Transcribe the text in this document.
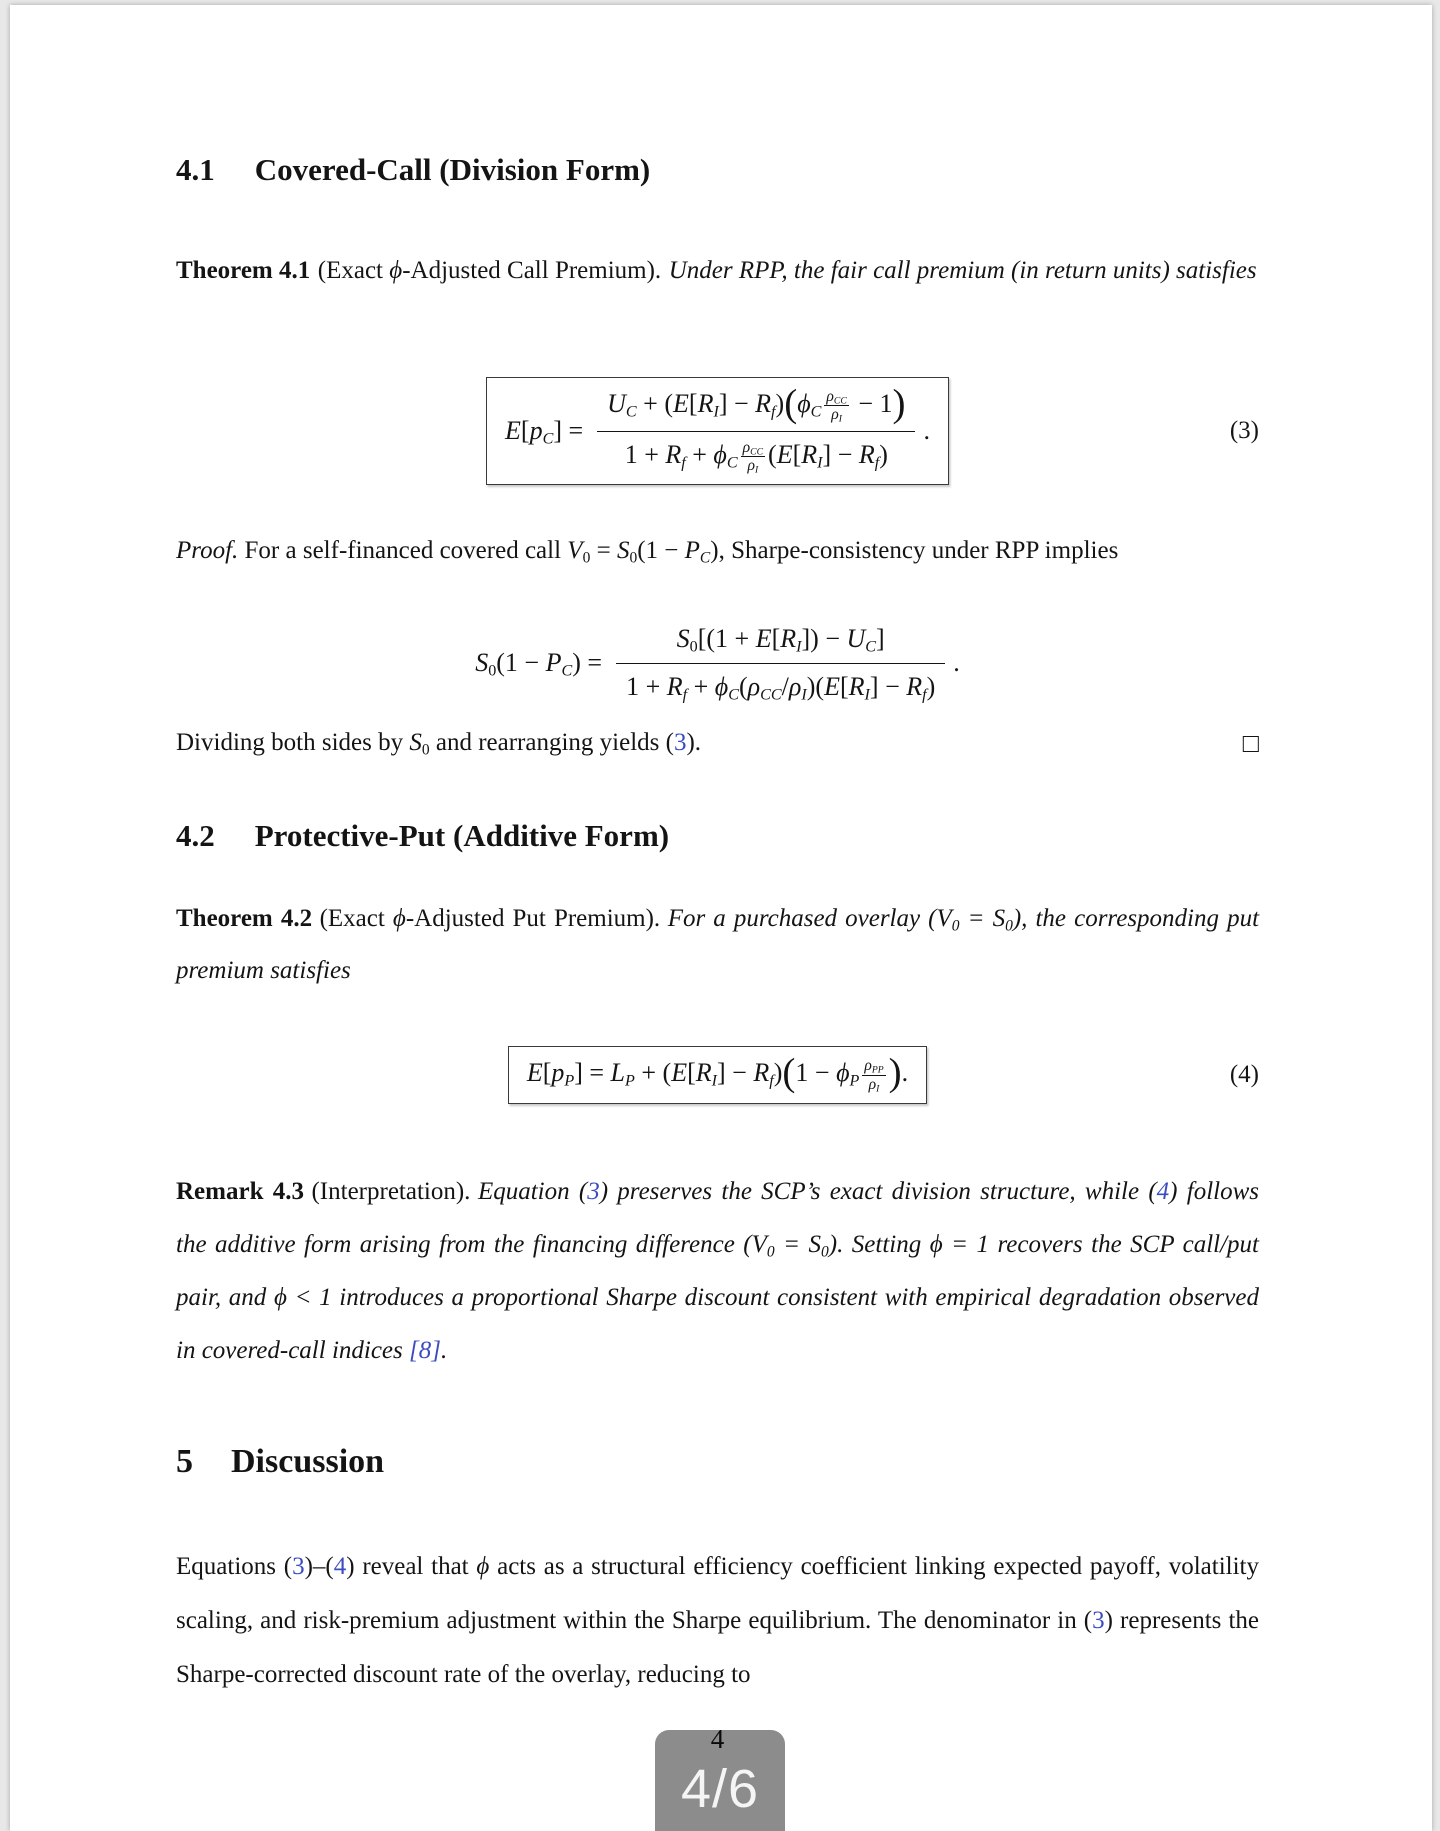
4.1 Covered-Call (Division Form)
Theorem 4.1 (Exact ϕ-Adjusted Call Premium). Under RPP, the fair call premium (in return units) satisfies
$E[p_C] = U_C + (E[R_I] - R_f)(\phi_C$
$\rho_{CC}$
$\rho_I$
− 1)
$1 + R_f + \phi_C$
$\rho_{CC}$
$\rho_I$
$(E[R_I] - R_f)$ .	(3)
Proof. For a self-financed covered call $V_0 = S_0(1 - P_C)$, Sharpe-consistency under RPP implies
$S_0(1 - P_C) = \frac{S_0[(1 + E[R_I]) - U_C]}{1 + R_f + \phi_C(\rho_{CC}/\rho_I)(E[R_I] - R_f)}$ .
Dividing both sides by $S_0$ and rearranging yields (3).	□
4.2 Protective-Put (Additive Form)
Theorem 4.2 (Exact ϕ-Adjusted Put Premium). For a purchased overlay $(V_0 = S_0)$, the corresponding put premium satisfies
$E[p_P] = L_P + (E[R_I] - R_f)(1 - \phi_P$
$\rho_{PP}$
$\rho_I$ ).	(4)
Remark 4.3 (Interpretation). Equation (3) preserves the SCP’s exact division structure, while (4) follows the additive form arising from the financing difference $(V_0 = S_0)$. Setting ϕ = 1 recovers the SCP call/put pair, and ϕ < 1 introduces a proportional Sharpe discount consistent with empirical degradation observed in covered-call indices [8].
5 Discussion
Equations (3)–(4) reveal that ϕ acts as a structural efficiency coefficient linking expected payoff, volatility scaling, and risk-premium adjustment within the Sharpe equilibrium. The denominator in (3) represents the Sharpe-corrected discount rate of the overlay, reducing to
4
4/6
